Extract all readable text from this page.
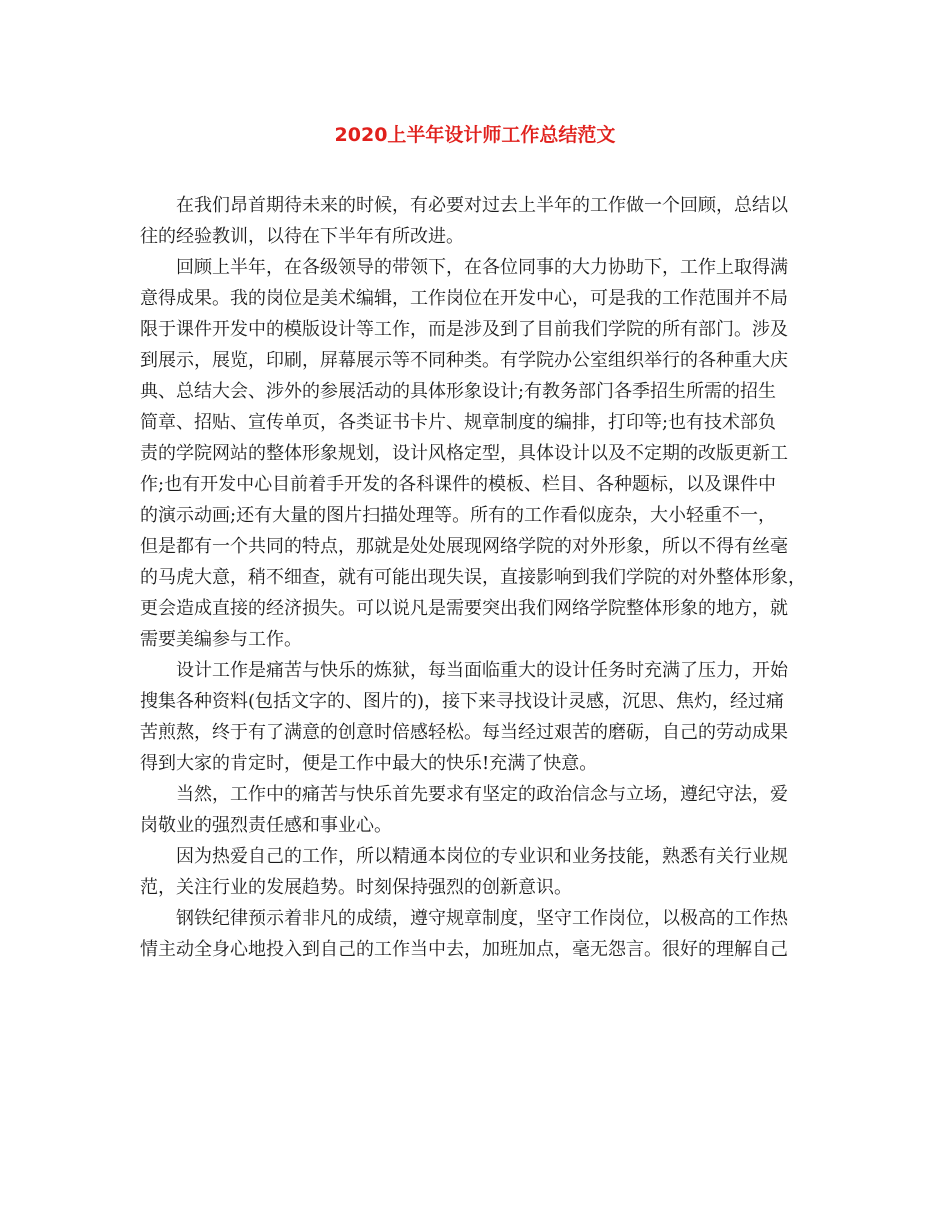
2020上半年设计师工作总结范文
在我们昂首期待未来的时候，有必要对过去上半年的工作做一个回顾，总结以
往的经验教训，以待在下半年有所改进。
回顾上半年，在各级领导的带领下，在各位同事的大力协助下，工作上取得满
意得成果。我的岗位是美术编辑，工作岗位在开发中心，可是我的工作范围并不局
限于课件开发中的模版设计等工作，而是涉及到了目前我们学院的所有部门。涉及
到展示，展览，印刷，屏幕展示等不同种类。有学院办公室组织举行的各种重大庆
典、总结大会、涉外的参展活动的具体形象设计;有教务部门各季招生所需的招生
简章、招贴、宣传单页，各类证书卡片、规章制度的编排，打印等;也有技术部负
责的学院网站的整体形象规划，设计风格定型，具体设计以及不定期的改版更新工
作;也有开发中心目前着手开发的各科课件的模板、栏目、各种题标，以及课件中
的演示动画;还有大量的图片扫描处理等。所有的工作看似庞杂，大小轻重不一，
但是都有一个共同的特点，那就是处处展现网络学院的对外形象，所以不得有丝毫
的马虎大意，稍不细查，就有可能出现失误，直接影响到我们学院的对外整体形象，
更会造成直接的经济损失。可以说凡是需要突出我们网络学院整体形象的地方，就
需要美编参与工作。
设计工作是痛苦与快乐的炼狱，每当面临重大的设计任务时充满了压力，开始
搜集各种资料(包括文字的、图片的)，接下来寻找设计灵感，沉思、焦灼，经过痛
苦煎熬，终于有了满意的创意时倍感轻松。每当经过艰苦的磨砺，自己的劳动成果
得到大家的肯定时，便是工作中最大的快乐!充满了快意。
当然，工作中的痛苦与快乐首先要求有坚定的政治信念与立场，遵纪守法，爱
岗敬业的强烈责任感和事业心。
因为热爱自己的工作，所以精通本岗位的专业识和业务技能，熟悉有关行业规
范，关注行业的发展趋势。时刻保持强烈的创新意识。
钢铁纪律预示着非凡的成绩，遵守规章制度，坚守工作岗位，以极高的工作热
情主动全身心地投入到自己的工作当中去，加班加点，毫无怨言。很好的理解自己
